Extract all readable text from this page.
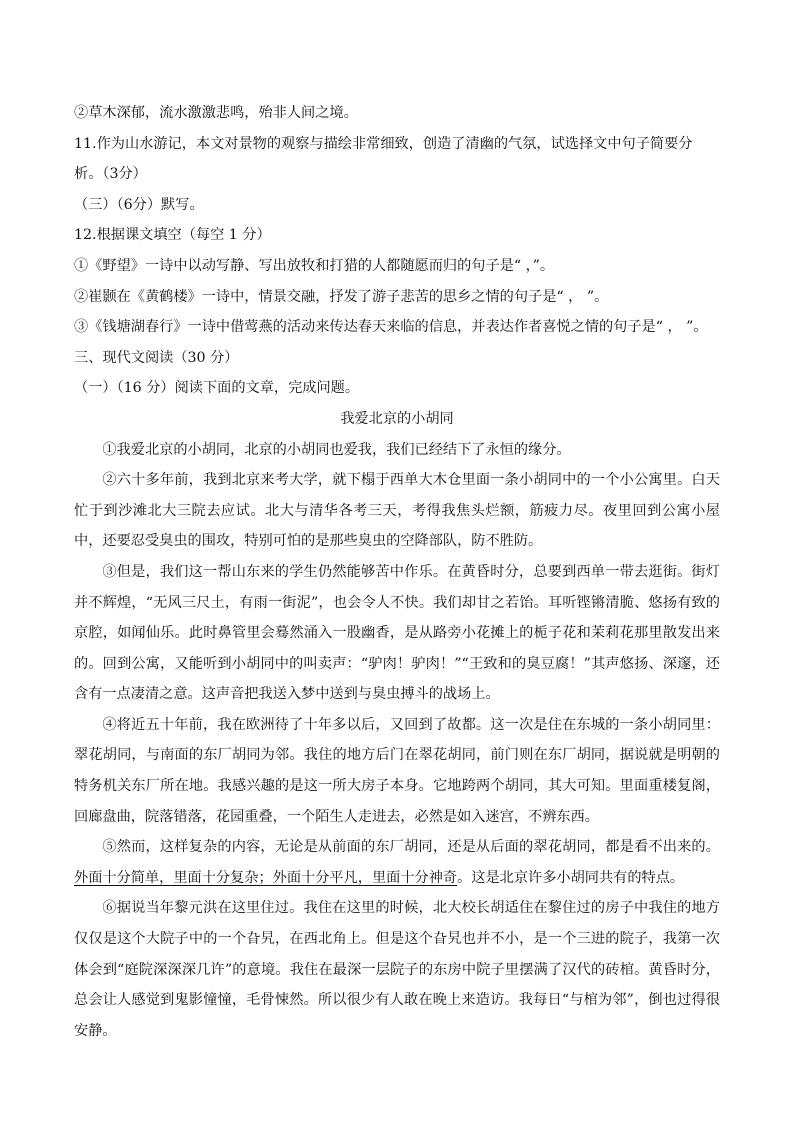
②草木深郁，流水激激悲鸣，殆非人间之境。

11.作为山水游记，本文对景物的观察与描绘非常细致，创造了清幽的气氛，试选择文中句子简要分析。（3分）

（三）（6分）默写。

12.根据课文填空（每空 1 分）

①《野望》一诗中以动写静、写出放牧和打猎的人都随愿而归的句子是“ ，”。

②崔颢在《黄鹤楼》一诗中，情景交融，抒发了游子悲苦的思乡之情的句子是“ ， ”。

③《钱塘湖春行》一诗中借莺燕的活动来传达春天来临的信息，并表达作者喜悦之情的句子是“ ， ”。

三、现代文阅读（30 分）

（一）（16 分）阅读下面的文章，完成问题。

我爱北京的小胡同

①我爱北京的小胡同，北京的小胡同也爱我，我们已经结下了永恒的缘分。

②六十多年前，我到北京来考大学，就下榻于西单大木仓里面一条小胡同中的一个小公寓里。白天忙于到沙滩北大三院去应试。北大与清华各考三天，考得我焦头烂额，筋疲力尽。夜里回到公寓小屋中，还要忍受臭虫的围攻，特别可怕的是那些臭虫的空降部队，防不胜防。

③但是，我们这一帮山东来的学生仍然能够苦中作乐。在黄昏时分，总要到西单一带去逛街。街灯并不辉煌，“无风三尺土，有雨一街泥”，也会令人不快。我们却甘之若饴。耳听铿锵清脆、悠扬有致的京腔，如闻仙乐。此时鼻管里会蓦然涌入一股幽香，是从路旁小花摊上的栀子花和茉莉花那里散发出来的。回到公寓，又能听到小胡同中的叫卖声：“驴肉！驴肉！”“王致和的臭豆腐！”其声悠扬、深邃，还含有一点凄清之意。这声音把我送入梦中送到与臭虫搏斗的战场上。

④将近五十年前，我在欧洲待了十年多以后，又回到了故都。这一次是住在东城的一条小胡同里：翠花胡同，与南面的东厂胡同为邻。我住的地方后门在翠花胡同，前门则在东厂胡同，据说就是明朝的特务机关东厂所在地。我感兴趣的是这一所大房子本身。它地跨两个胡同，其大可知。里面重楼复阁，回廊盘曲，院落错落，花园重叠，一个陌生人走进去，必然是如入迷宫，不辨东西。

⑤然而，这样复杂的内容，无论是从前面的东厂胡同，还是从后面的翠花胡同，都是看不出来的。外面十分简单，里面十分复杂；外面十分平凡，里面十分神奇。这是北京许多小胡同共有的特点。

⑥据说当年黎元洪在这里住过。我住在这里的时候，北大校长胡适住在黎住过的房子中我住的地方仅仅是这个大院子中的一个旮旯，在西北角上。但是这个旮旯也并不小，是一个三进的院子，我第一次体会到“庭院深深深几许”的意境。我住在最深一层院子的东房中院子里摆满了汉代的砖棺。黄昏时分，总会让人感觉到鬼影憧憧，毛骨悚然。所以很少有人敢在晚上来造访。我每日“与棺为邻”，倒也过得很安静。
